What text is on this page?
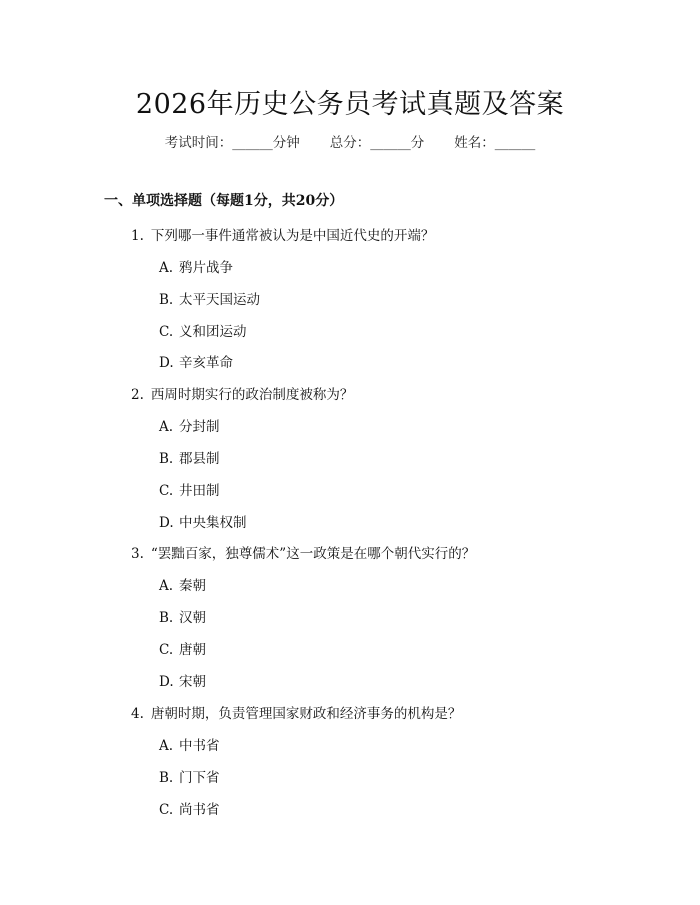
2026年历史公务员考试真题及答案
考试时间：______分钟 总分：______分 姓名：______
一、单项选择题（每题1分，共20分）
1. 下列哪一事件通常被认为是中国近代史的开端？
A. 鸦片战争
B. 太平天国运动
C. 义和团运动
D. 辛亥革命
2. 西周时期实行的政治制度被称为？
A. 分封制
B. 郡县制
C. 井田制
D. 中央集权制
3. “罢黜百家，独尊儒术”这一政策是在哪个朝代实行的？
A. 秦朝
B. 汉朝
C. 唐朝
D. 宋朝
4. 唐朝时期，负责管理国家财政和经济事务的机构是？
A. 中书省
B. 门下省
C. 尚书省
